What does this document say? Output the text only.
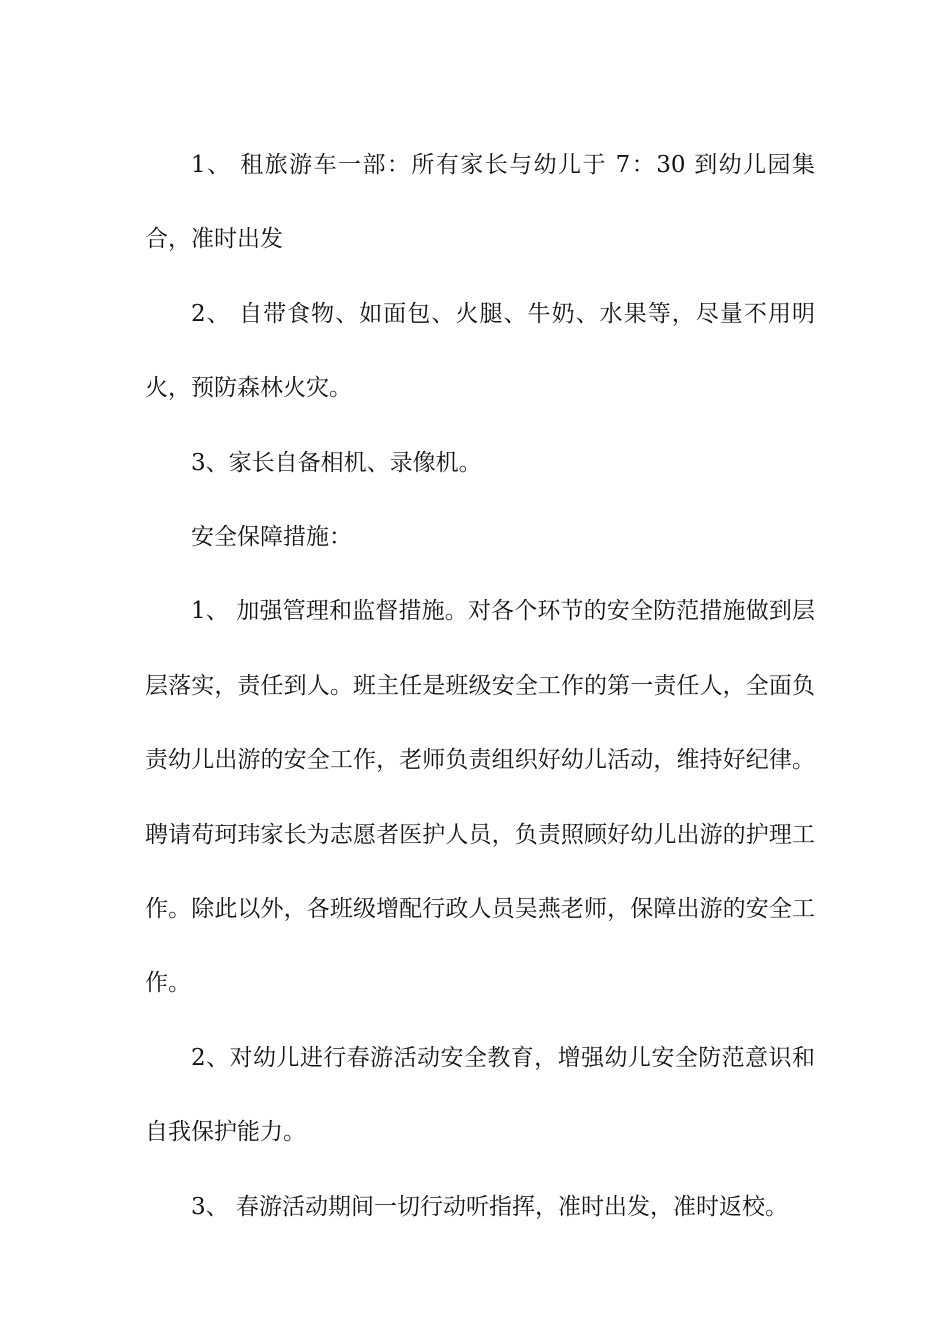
1、 租旅游车一部：所有家长与幼儿于 7：30 到幼儿园集合，准时出发

2、 自带食物、如面包、火腿、牛奶、水果等，尽量不用明火，预防森林火灾。

3、家长自备相机、录像机。

安全保障措施：

1、 加强管理和监督措施。对各个环节的安全防范措施做到层层落实，责任到人。班主任是班级安全工作的第一责任人，全面负责幼儿出游的安全工作，老师负责组织好幼儿活动，维持好纪律。聘请苟珂玮家长为志愿者医护人员，负责照顾好幼儿出游的护理工作。除此以外，各班级增配行政人员吴燕老师，保障出游的安全工作。

2、对幼儿进行春游活动安全教育，增强幼儿安全防范意识和自我保护能力。

3、 春游活动期间一切行动听指挥，准时出发，准时返校。
